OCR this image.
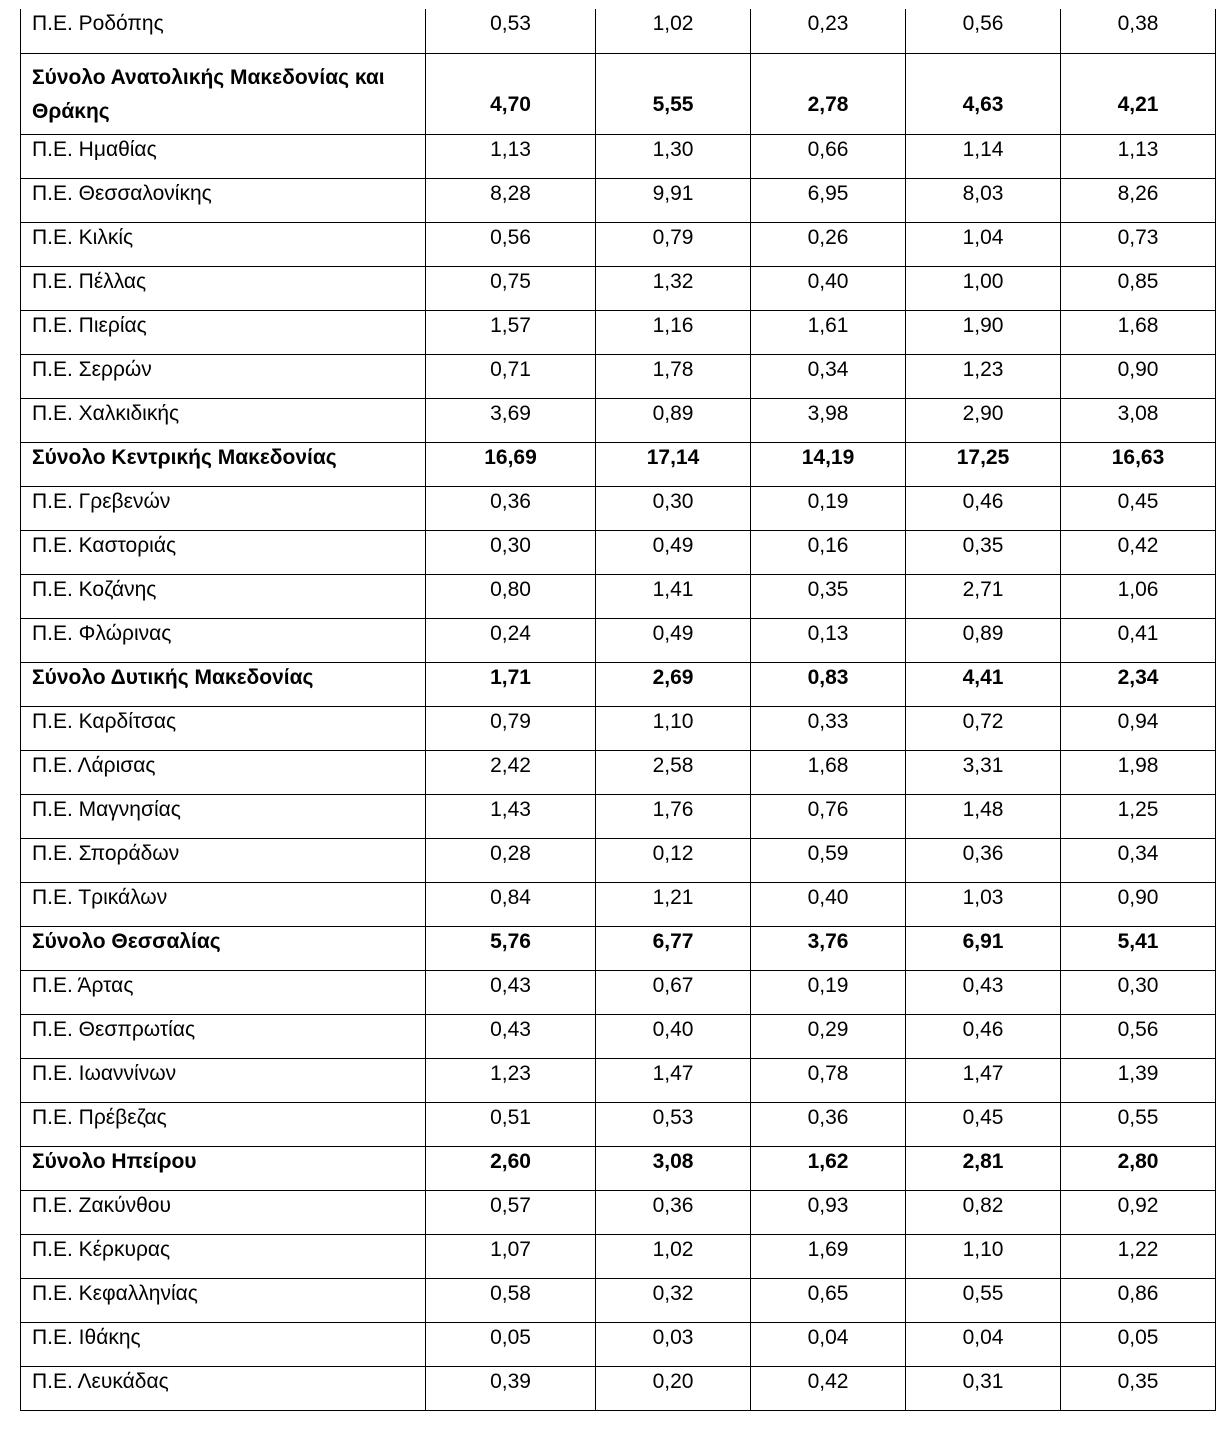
Π.Ε. Ροδόπης	0,53	1,02	0,23	0,56	0,38
Σύνολο Ανατολικής Μακεδονίας και Θράκης	4,70	5,55	2,78	4,63	4,21
Π.Ε. Ημαθίας	1,13	1,30	0,66	1,14	1,13
Π.Ε. Θεσσαλονίκης	8,28	9,91	6,95	8,03	8,26
Π.Ε. Κιλκίς	0,56	0,79	0,26	1,04	0,73
Π.Ε. Πέλλας	0,75	1,32	0,40	1,00	0,85
Π.Ε. Πιερίας	1,57	1,16	1,61	1,90	1,68
Π.Ε. Σερρών	0,71	1,78	0,34	1,23	0,90
Π.Ε. Χαλκιδικής	3,69	0,89	3,98	2,90	3,08
Σύνολο Κεντρικής Μακεδονίας	16,69	17,14	14,19	17,25	16,63
Π.Ε. Γρεβενών	0,36	0,30	0,19	0,46	0,45
Π.Ε. Καστοριάς	0,30	0,49	0,16	0,35	0,42
Π.Ε. Κοζάνης	0,80	1,41	0,35	2,71	1,06
Π.Ε. Φλώρινας	0,24	0,49	0,13	0,89	0,41
Σύνολο Δυτικής Μακεδονίας	1,71	2,69	0,83	4,41	2,34
Π.Ε. Καρδίτσας	0,79	1,10	0,33	0,72	0,94
Π.Ε. Λάρισας	2,42	2,58	1,68	3,31	1,98
Π.Ε. Μαγνησίας	1,43	1,76	0,76	1,48	1,25
Π.Ε. Σποράδων	0,28	0,12	0,59	0,36	0,34
Π.Ε. Τρικάλων	0,84	1,21	0,40	1,03	0,90
Σύνολο Θεσσαλίας	5,76	6,77	3,76	6,91	5,41
Π.Ε. Άρτας	0,43	0,67	0,19	0,43	0,30
Π.Ε. Θεσπρωτίας	0,43	0,40	0,29	0,46	0,56
Π.Ε. Ιωαννίνων	1,23	1,47	0,78	1,47	1,39
Π.Ε. Πρέβεζας	0,51	0,53	0,36	0,45	0,55
Σύνολο Ηπείρου	2,60	3,08	1,62	2,81	2,80
Π.Ε. Ζακύνθου	0,57	0,36	0,93	0,82	0,92
Π.Ε. Κέρκυρας	1,07	1,02	1,69	1,10	1,22
Π.Ε. Κεφαλληνίας	0,58	0,32	0,65	0,55	0,86
Π.Ε. Ιθάκης	0,05	0,03	0,04	0,04	0,05
Π.Ε. Λευκάδας	0,39	0,20	0,42	0,31	0,35
